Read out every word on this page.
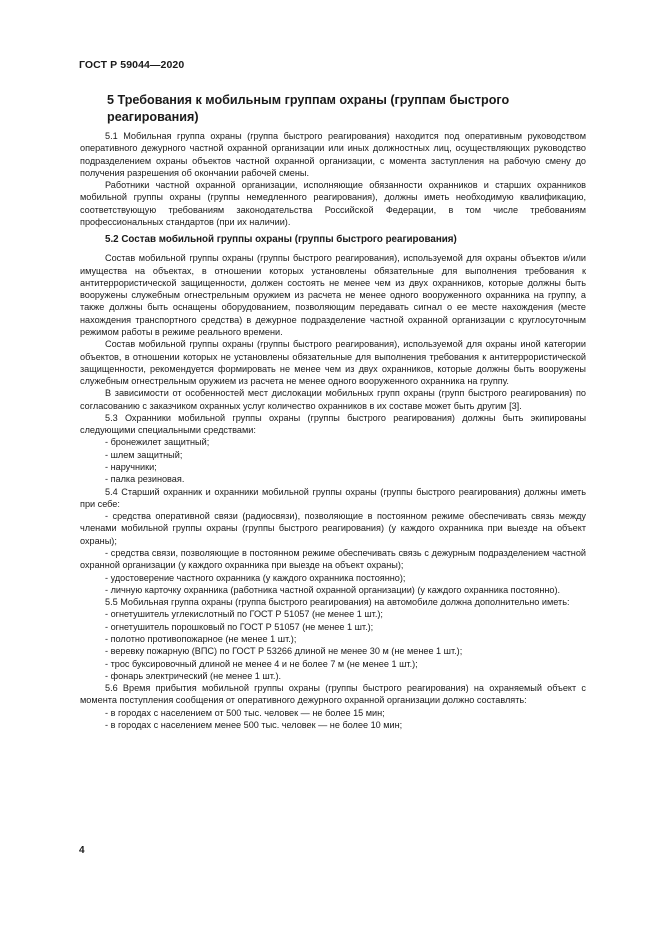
ГОСТ Р 59044—2020
5 Требования к мобильным группам охраны (группам быстрого реагирования)

5.1 Мобильная группа охраны (группа быстрого реагирования) находится под оперативным руководством оперативного дежурного частной охранной организации или иных должностных лиц, осуществляющих руководство подразделением охраны объектов частной охранной организации, с момента заступления на рабочую смену до получения разрешения об окончании рабочей смены.

Работники частной охранной организации, исполняющие обязанности охранников и старших охранников мобильной группы охраны (группы немедленного реагирования), должны иметь необходимую квалификацию, соответствующую требованиям законодательства Российской Федерации, в том числе требованиям профессиональных стандартов (при их наличии).

5.2 Состав мобильной группы охраны (группы быстрого реагирования)

Состав мобильной группы охраны (группы быстрого реагирования), используемой для охраны объектов и/или имущества на объектах, в отношении которых установлены обязательные для выполнения требования к антитеррористической защищенности, должен состоять не менее чем из двух охранников, которые должны быть вооружены служебным огнестрельным оружием из расчета не менее одного вооруженного охранника на группу, а также должны быть оснащены оборудованием, позволяющим передавать сигнал о ее месте нахождения (месте нахождения транспортного средства) в дежурное подразделение частной охранной организации с круглосуточным режимом работы в режиме реального времени.

Состав мобильной группы охраны (группы быстрого реагирования), используемой для охраны иной категории объектов, в отношении которых не установлены обязательные для выполнения требования к антитеррористической защищенности, рекомендуется формировать не менее чем из двух охранников, которые должны быть вооружены служебным огнестрельным оружием из расчета не менее одного вооруженного охранника на группу.

В зависимости от особенностей мест дислокации мобильных групп охраны (групп быстрого реагирования) по согласованию с заказчиком охранных услуг количество охранников в их составе может быть другим [3].

5.3 Охранники мобильной группы охраны (группы быстрого реагирования) должны быть экипированы следующими специальными средствами:

- бронежилет защитный;

- шлем защитный;

- наручники;

- палка резиновая.

5.4 Старший охранник и охранники мобильной группы охраны (группы быстрого реагирования) должны иметь при себе:

- средства оперативной связи (радиосвязи), позволяющие в постоянном режиме обеспечивать связь между членами мобильной группы охраны (группы быстрого реагирования) (у каждого охранника при выезде на объект охраны);

- средства связи, позволяющие в постоянном режиме обеспечивать связь с дежурным подразделением частной охранной организации (у каждого охранника при выезде на объект охраны);

- удостоверение частного охранника (у каждого охранника постоянно);

- личную карточку охранника (работника частной охранной организации) (у каждого охранника постоянно).

5.5 Мобильная группа охраны (группа быстрого реагирования) на автомобиле должна дополнительно иметь:

- огнетушитель углекислотный по ГОСТ Р 51057 (не менее 1 шт.);

- огнетушитель порошковый по ГОСТ Р 51057 (не менее 1 шт.);

- полотно противопожарное (не менее 1 шт.);

- веревку пожарную (ВПС) по ГОСТ Р 53266 длиной не менее 30 м (не менее 1 шт.);

- трос буксировочный длиной не менее 4 и не более 7 м (не менее 1 шт.);

- фонарь электрический (не менее 1 шт.).

5.6 Время прибытия мобильной группы охраны (группы быстрого реагирования) на охраняемый объект с момента поступления сообщения от оперативного дежурного охранной организации должно составлять:

- в городах с населением от 500 тыс. человек — не более 15 мин;

- в городах с населением менее 500 тыс. человек — не более 10 мин;

4
